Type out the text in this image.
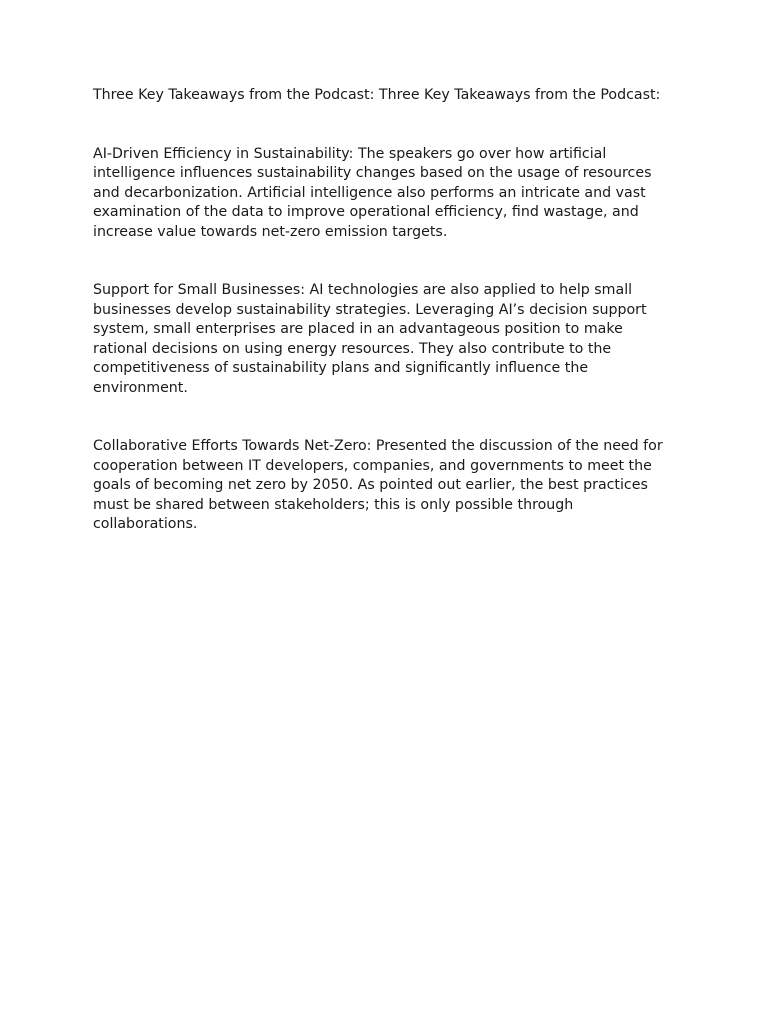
Three Key Takeaways from the Podcast: Three Key Takeaways from the Podcast:

AI-Driven Efficiency in Sustainability: The speakers go over how artificial intelligence influences sustainability changes based on the usage of resources and decarbonization. Artificial intelligence also performs an intricate and vast examination of the data to improve operational efficiency, find wastage, and increase value towards net-zero emission targets.

Support for Small Businesses: AI technologies are also applied to help small businesses develop sustainability strategies. Leveraging AI’s decision support system, small enterprises are placed in an advantageous position to make rational decisions on using energy resources. They also contribute to the competitiveness of sustainability plans and significantly influence the environment.

Collaborative Efforts Towards Net-Zero: Presented the discussion of the need for cooperation between IT developers, companies, and governments to meet the goals of becoming net zero by 2050. As pointed out earlier, the best practices must be shared between stakeholders; this is only possible through collaborations.
